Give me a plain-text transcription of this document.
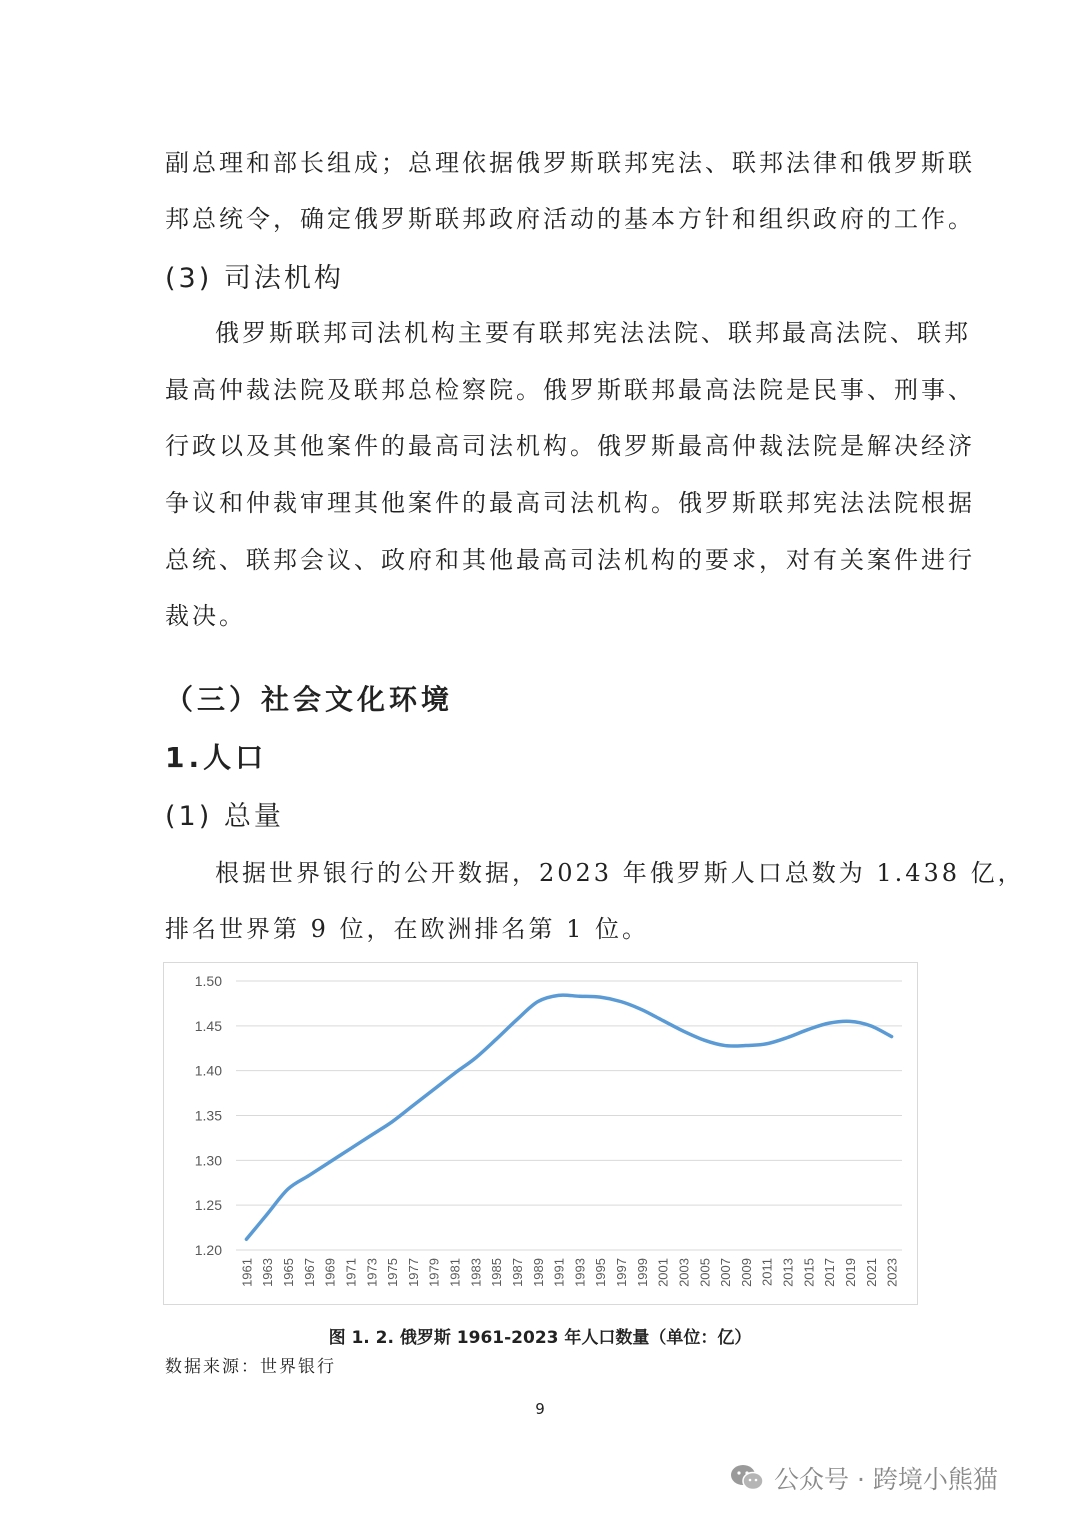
副总理和部长组成；总理依据俄罗斯联邦宪法、联邦法律和俄罗斯联

邦总统令，确定俄罗斯联邦政府活动的基本方针和组织政府的工作。

(3) 司法机构

俄罗斯联邦司法机构主要有联邦宪法法院、联邦最高法院、联邦

最高仲裁法院及联邦总检察院。俄罗斯联邦最高法院是民事、刑事、

行政以及其他案件的最高司法机构。俄罗斯最高仲裁法院是解决经济

争议和仲裁审理其他案件的最高司法机构。俄罗斯联邦宪法法院根据

总统、联邦会议、政府和其他最高司法机构的要求，对有关案件进行

裁决。

（三）社会文化环境

1.人口

(1) 总量

根据世界银行的公开数据，2023 年俄罗斯人口总数为 1.438 亿，

排名世界第 9 位，在欧洲排名第 1 位。

1.20
1.25
1.30
1.35
1.40
1.45
1.50
1961 1963 1965 1967 1969 1971 1973 1975 1977 1979 1981 1983 1985 1987 1989 1991 1993 1995 1997 1999 2001 2003 2005 2007 2009 2011 2013 2015 2017 2019 2021 2023

图 1. 2. 俄罗斯 1961-2023 年人口数量（单位：亿）

数据来源：世界银行

9

公众号 · 跨境小熊猫
